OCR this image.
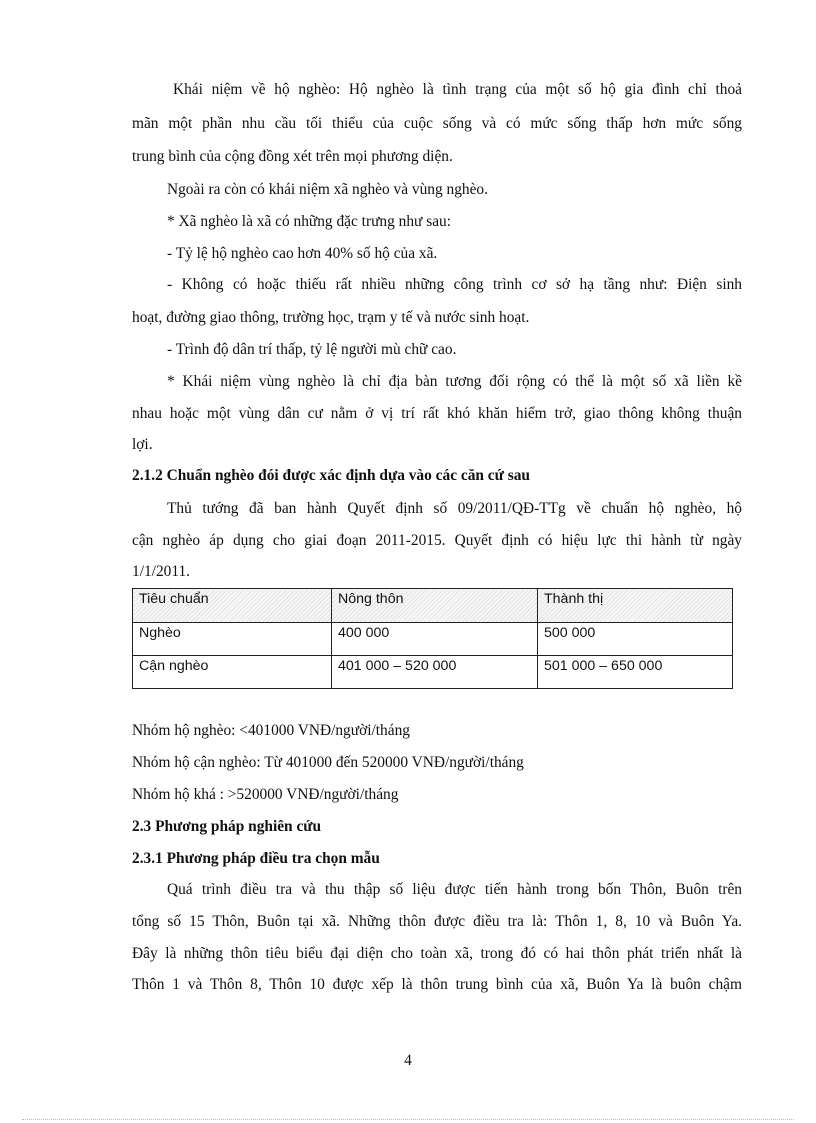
Khái niệm về hộ nghèo: Hộ nghèo là tình trạng của một số hộ gia đình chỉ thoả
mãn một phần nhu cầu tối thiểu của cuộc sống và có mức sống thấp hơn mức sống
trung bình của cộng đồng xét trên mọi phương diện.
Ngoài ra còn có khái niệm xã nghèo và vùng nghèo.
* Xã nghèo là xã có những đặc trưng như sau:
- Tỷ lệ hộ nghèo cao hơn 40% số hộ của xã.
- Không có hoặc thiếu rất nhiều những công trình cơ sở hạ tầng như: Điện sinh
hoạt, đường giao thông, trường học, trạm y tế và nước sinh hoạt.
- Trình độ dân trí thấp, tỷ lệ người mù chữ cao.
* Khái niệm vùng nghèo là chỉ địa bàn tương đối rộng có thể là một số xã liền kề
nhau hoặc một vùng dân cư nằm ở vị trí rất khó khăn hiểm trở, giao thông không thuận
lợi.
2.1.2 Chuẩn nghèo đói được xác định dựa vào các căn cứ sau
Thủ tướng đã ban hành Quyết định số 09/2011/QĐ-TTg về chuẩn hộ nghèo, hộ
cận nghèo áp dụng cho giai đoạn 2011-2015. Quyết định có hiệu lực thi hành từ ngày
1/1/2011.
Tiêu chuẩn	Nông thôn	Thành thị
Nghèo	400 000	500 000
Cận nghèo	401 000 – 520 000	501 000 – 650 000
Nhóm hộ nghèo: <401000 VNĐ/người/tháng
Nhóm hộ cận nghèo: Từ 401000 đến 520000 VNĐ/người/tháng
Nhóm hộ khá : >520000 VNĐ/người/tháng
2.3 Phương pháp nghiên cứu
2.3.1 Phương pháp điều tra chọn mẫu
Quá trình điều tra và thu thập số liệu được tiến hành trong bốn Thôn, Buôn trên
tổng số 15 Thôn, Buôn tại xã. Những thôn được điều tra là: Thôn 1, 8, 10 và Buôn Ya.
Đây là những thôn tiêu biểu đại diện cho toàn xã, trong đó có hai thôn phát triển nhất là
Thôn 1 và Thôn 8, Thôn 10 được xếp là thôn trung bình của xã, Buôn Ya là buôn chậm
4
